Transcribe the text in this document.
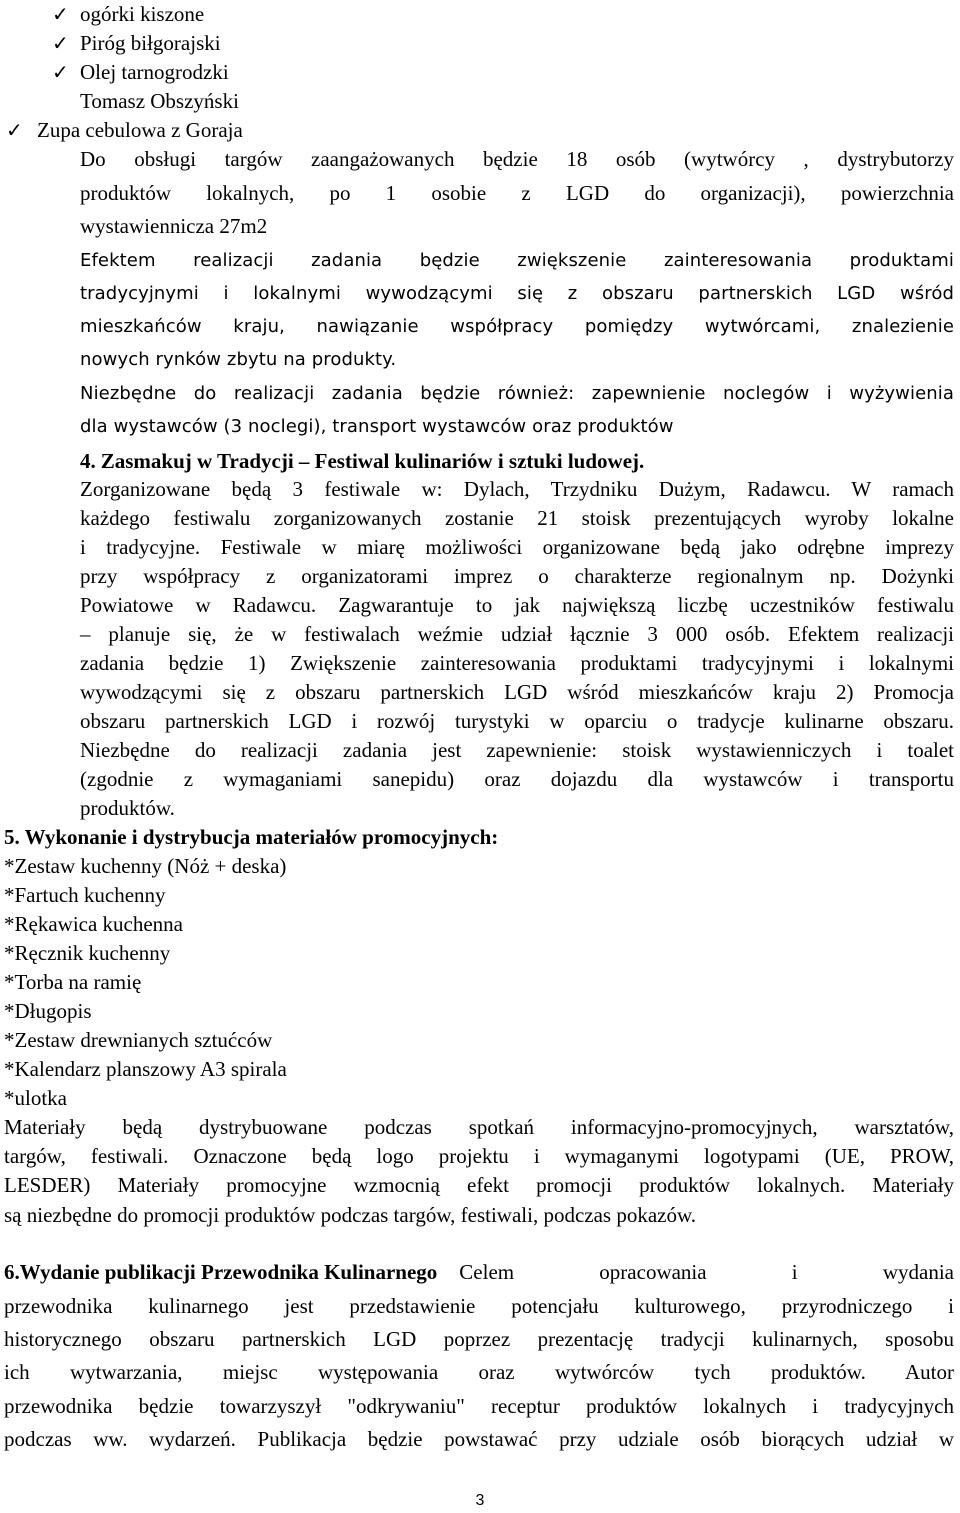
✓ ogórki kiszone
✓ Piróg biłgorajski
✓ Olej tarnogrodzki
Tomasz Obszyński
✓ Zupa cebulowa z Goraja
Do obsługi targów zaangażowanych będzie 18 osób (wytwórcy , dystrybutorzy
produktów lokalnych, po 1 osobie z LGD do organizacji), powierzchnia
wystawiennicza 27m2
Efektem realizacji zadania będzie zwiększenie zainteresowania produktami
tradycyjnymi i lokalnymi wywodzącymi się z obszaru partnerskich LGD wśród
mieszkańców kraju, nawiązanie współpracy pomiędzy wytwórcami, znalezienie
nowych rynków zbytu na produkty.
Niezbędne do realizacji zadania będzie również: zapewnienie noclegów i wyżywienia
dla wystawców (3 noclegi), transport wystawców oraz produktów
4. Zasmakuj w Tradycji – Festiwal kulinariów i sztuki ludowej.
Zorganizowane będą 3 festiwale w: Dylach, Trzydniku Dużym, Radawcu. W ramach
każdego festiwalu zorganizowanych zostanie 21 stoisk prezentujących wyroby lokalne
i tradycyjne. Festiwale w miarę możliwości organizowane będą jako odrębne imprezy
przy współpracy z organizatorami imprez o charakterze regionalnym np. Dożynki
Powiatowe w Radawcu. Zagwarantuje to jak największą liczbę uczestników festiwalu
– planuje się, że w festiwalach weźmie udział łącznie 3 000 osób. Efektem realizacji
zadania będzie 1) Zwiększenie zainteresowania produktami tradycyjnymi i lokalnymi
wywodzącymi się z obszaru partnerskich LGD wśród mieszkańców kraju 2) Promocja
obszaru partnerskich LGD i rozwój turystyki w oparciu o tradycje kulinarne obszaru.
Niezbędne do realizacji zadania jest zapewnienie: stoisk wystawienniczych i toalet
(zgodnie z wymaganiami sanepidu) oraz dojazdu dla wystawców i transportu
produktów.
5. Wykonanie i dystrybucja materiałów promocyjnych:
*Zestaw kuchenny (Nóż + deska)
*Fartuch kuchenny
*Rękawica kuchenna
*Ręcznik kuchenny
*Torba na ramię
*Długopis
*Zestaw drewnianych sztućców
*Kalendarz planszowy A3 spirala
*ulotka
Materiały będą dystrybuowane podczas spotkań informacyjno-promocyjnych, warsztatów,
targów, festiwali. Oznaczone będą logo projektu i wymaganymi logotypami (UE, PROW,
LESDER) Materiały promocyjne wzmocnią efekt promocji produktów lokalnych. Materiały
są niezbędne do promocji produktów podczas targów, festiwali, podczas pokazów.
6.Wydanie publikacji Przewodnika Kulinarnego Celem opracowania i wydania
przewodnika kulinarnego jest przedstawienie potencjału kulturowego, przyrodniczego i
historycznego obszaru partnerskich LGD poprzez prezentację tradycji kulinarnych, sposobu
ich wytwarzania, miejsc występowania oraz wytwórców tych produktów. Autor
przewodnika będzie towarzyszył "odkrywaniu" receptur produktów lokalnych i tradycyjnych
podczas ww. wydarzeń. Publikacja będzie powstawać przy udziale osób biorących udział w
3
